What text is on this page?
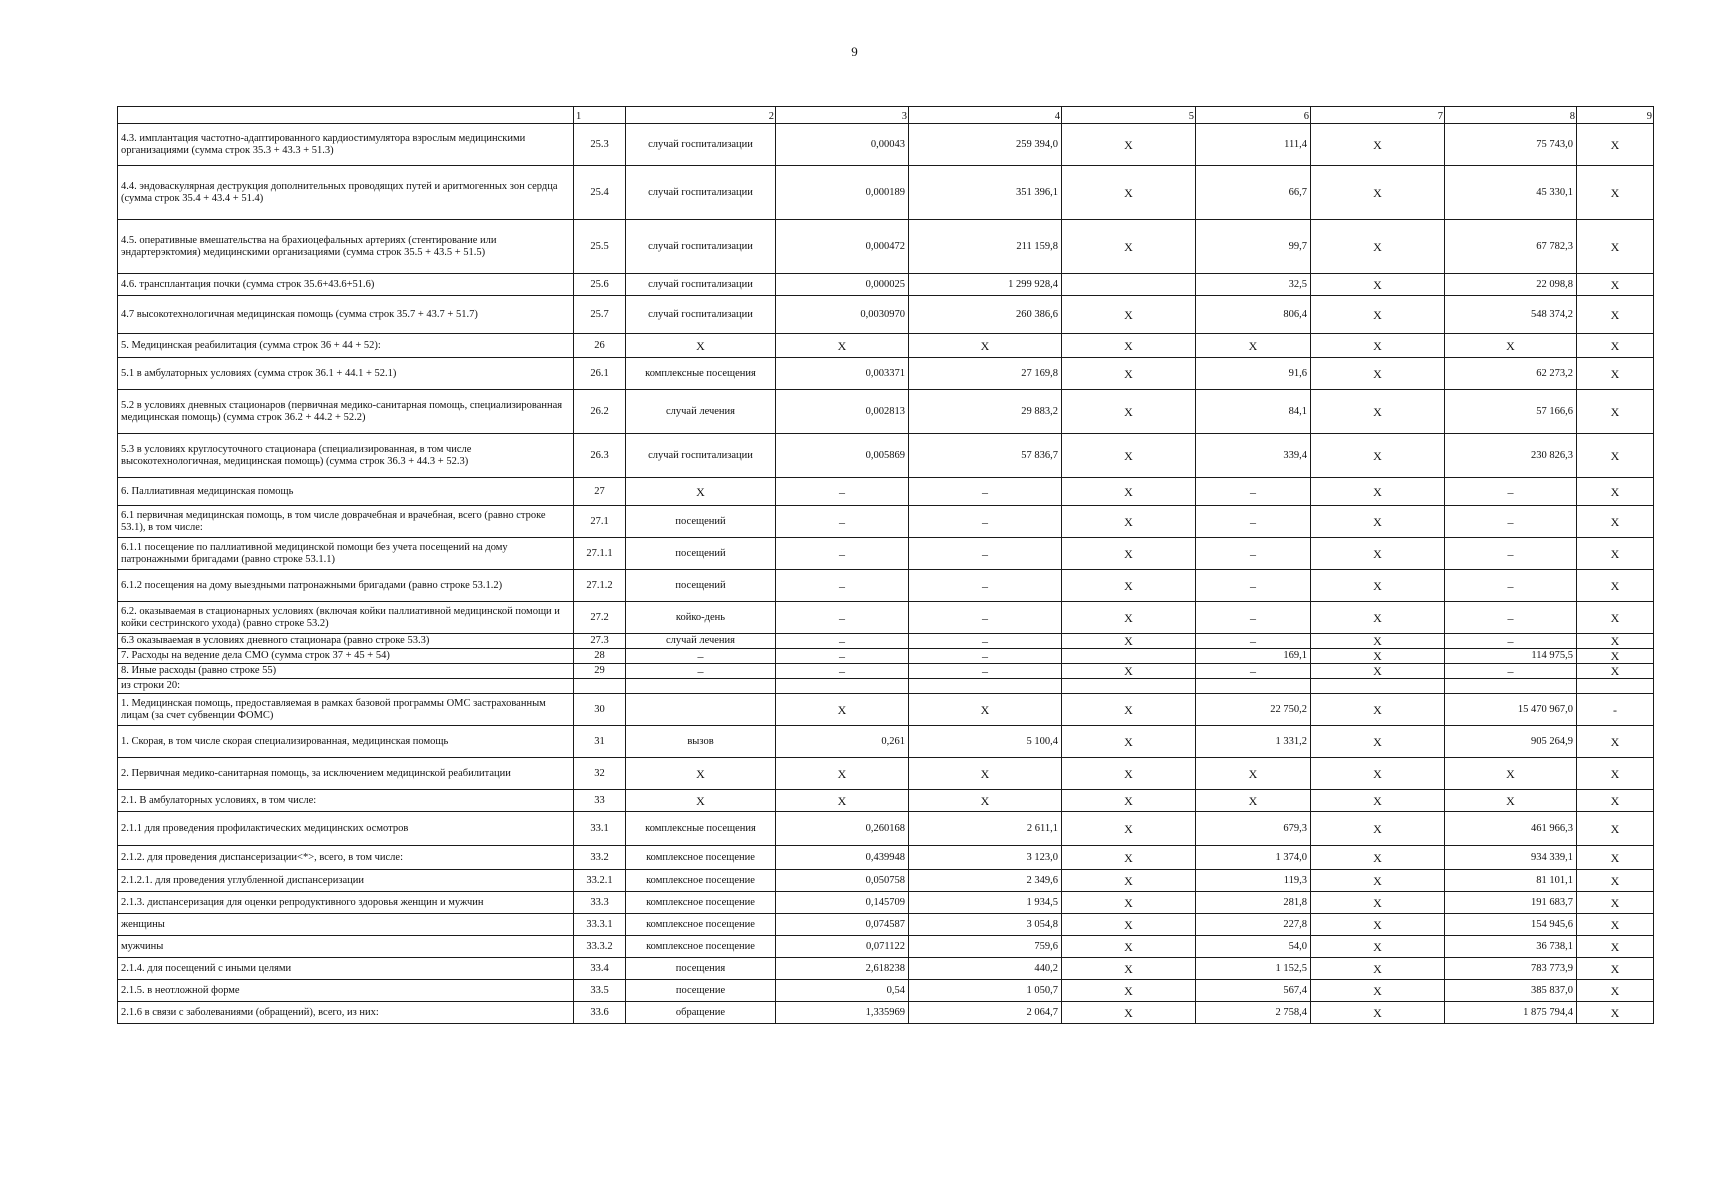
9
	1	2	3	4	5	6	7	8	9
4.3. имплантация частотно-адаптированного кардиостимулятора взрослым медицинскими организациями (сумма строк 35.3 + 43.3 + 51.3)	25.3	случай госпитализации	0,00043	259 394,0	Х	111,4	Х	75 743,0	Х
4.4. эндоваскулярная деструкция дополнительных проводящих путей и аритмогенных зон сердца (сумма строк 35.4 + 43.4 + 51.4)	25.4	случай госпитализации	0,000189	351 396,1	Х	66,7	Х	45 330,1	Х
4.5. оперативные вмешательства на брахиоцефальных артериях (стентирование или эндартерэктомия) медицинскими организациями (сумма строк 35.5 + 43.5 + 51.5)	25.5	случай госпитализации	0,000472	211 159,8	Х	99,7	Х	67 782,3	Х
4.6. трансплантация почки (сумма строк 35.6+43.6+51.6)	25.6	случай госпитализации	0,000025	1 299 928,4		32,5	Х	22 098,8	Х
4.7 высокотехнологичная медицинская помощь (сумма строк 35.7 + 43.7 + 51.7)	25.7	случай госпитализации	0,0030970	260 386,6	Х	806,4	Х	548 374,2	Х
5. Медицинская реабилитация (сумма строк 36 + 44 + 52):	26	Х	Х	Х	Х	Х	Х	Х	Х
5.1 в амбулаторных условиях (сумма строк 36.1 + 44.1 + 52.1)	26.1	комплексные посещения	0,003371	27 169,8	Х	91,6	Х	62 273,2	Х
5.2 в условиях дневных стационаров (первичная медико-санитарная помощь, специализированная медицинская помощь) (сумма строк 36.2 + 44.2 + 52.2)	26.2	случай лечения	0,002813	29 883,2	Х	84,1	Х	57 166,6	Х
5.3 в условиях круглосуточного стационара (специализированная, в том числе высокотехнологичная, медицинская помощь) (сумма строк 36.3 + 44.3 + 52.3)	26.3	случай госпитализации	0,005869	57 836,7	Х	339,4	Х	230 826,3	Х
6. Паллиативная медицинская помощь	27	Х	–	–	Х	–	Х	–	Х
6.1 первичная медицинская помощь, в том числе доврачебная и врачебная, всего (равно строке 53.1), в том числе:	27.1	посещений	–	–	Х	–	Х	–	Х
6.1.1 посещение по паллиативной медицинской помощи без учета посещений на дому патронажными бригадами (равно строке 53.1.1)	27.1.1	посещений	–	–	Х	–	Х	–	Х
6.1.2 посещения на дому выездными патронажными бригадами (равно строке 53.1.2)	27.1.2	посещений	–	–	Х	–	Х	–	Х
6.2. оказываемая в стационарных условиях (включая койки паллиативной медицинской помощи и койки сестринского ухода) (равно строке 53.2)	27.2	койко-день	–	–	Х	–	Х	–	Х
6.3 оказываемая в условиях дневного стационара (равно строке 53.3)	27.3	случай лечения	–	–	Х	–	Х	–	Х
7. Расходы на ведение дела СМО (сумма строк 37 + 45 + 54)	28	–	–	–		169,1	Х	114 975,5	Х
8. Иные расходы (равно строке 55)	29	–	–	–	Х	–	Х	–	Х
из строки 20:									
1. Медицинская помощь, предоставляемая в рамках базовой программы ОМС застрахованным лицам (за счет субвенции ФОМС)	30		Х	Х	Х	22 750,2	Х	15 470 967,0	-
1. Скорая, в том числе скорая специализированная, медицинская помощь	31	вызов	0,261	5 100,4	Х	1 331,2	Х	905 264,9	Х
2. Первичная медико-санитарная помощь, за исключением медицинской реабилитации	32	Х	Х	Х	Х	Х	Х	Х	Х
2.1. В амбулаторных условиях, в том числе:	33	Х	Х	Х	Х	Х	Х	Х	Х
2.1.1 для проведения профилактических медицинских осмотров	33.1	комплексные посещения	0,260168	2 611,1	Х	679,3	Х	461 966,3	Х
2.1.2. для проведения диспансеризации<*>, всего, в том числе:	33.2	комплексное посещение	0,439948	3 123,0	Х	1 374,0	Х	934 339,1	Х
2.1.2.1. для проведения углубленной диспансеризации	33.2.1	комплексное посещение	0,050758	2 349,6	Х	119,3	Х	81 101,1	Х
2.1.3. диспансеризация для оценки репродуктивного здоровья женщин и мужчин	33.3	комплексное посещение	0,145709	1 934,5	Х	281,8	Х	191 683,7	Х
женщины	33.3.1	комплексное посещение	0,074587	3 054,8	Х	227,8	Х	154 945,6	Х
мужчины	33.3.2	комплексное посещение	0,071122	759,6	Х	54,0	Х	36 738,1	Х
2.1.4. для посещений с иными целями	33.4	посещения	2,618238	440,2	Х	1 152,5	Х	783 773,9	Х
2.1.5. в неотложной форме	33.5	посещение	0,54	1 050,7	Х	567,4	Х	385 837,0	Х
2.1.6 в связи с заболеваниями (обращений), всего, из них:	33.6	обращение	1,335969	2 064,7	Х	2 758,4	Х	1 875 794,4	Х
